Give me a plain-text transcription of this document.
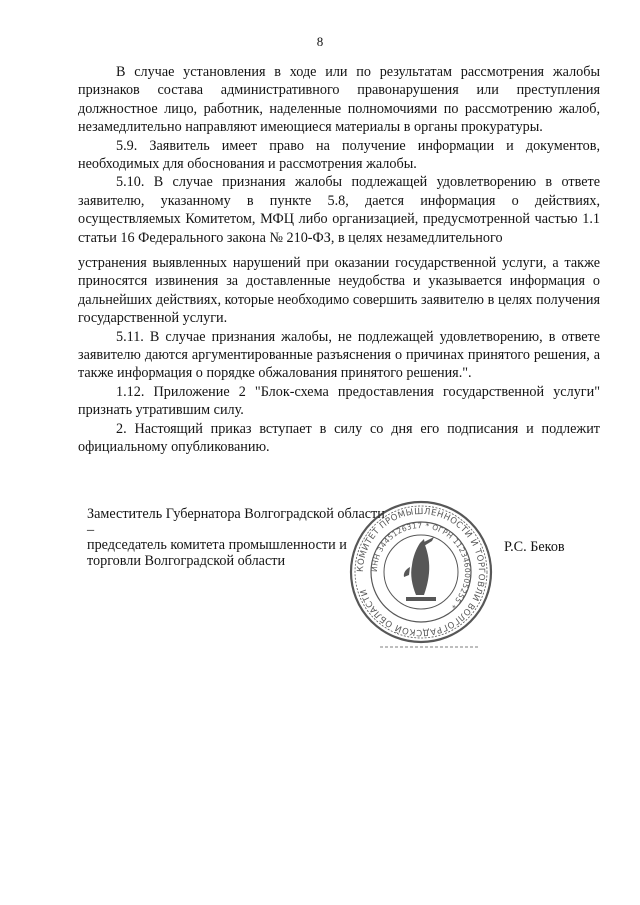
8

В случае установления в ходе или по результатам рассмотрения жалобы признаков состава административного правонарушения или преступления должностное лицо, работник, наделенные полномочиями по рассмотрению жалоб, незамедлительно направляют имеющиеся материалы в органы прокуратуры.

5.9. Заявитель имеет право на получение информации и документов, необходимых для обоснования и рассмотрения жалобы.

5.10. В случае признания жалобы подлежащей удовлетворению в ответе заявителю, указанному в пункте 5.8, дается информация о действиях, осуществляемых Комитетом, МФЦ либо организацией, предусмотренной частью 1.1 статьи 16 Федерального закона № 210-ФЗ, в целях незамедлительного

устранения выявленных нарушений при оказании государственной услуги, а также приносятся извинения за доставленные неудобства и указывается информация о дальнейших действиях, которые необходимо совершить заявителю в целях получения государственной услуги.

5.11. В случае признания жалобы, не подлежащей удовлетворению, в ответе заявителю даются аргументированные разъяснения о причинах принятого решения, а также информация о порядке обжалования принятого решения.".

1.12. Приложение 2 "Блок-схема предоставления государственной услуги" признать утратившим силу.

2. Настоящий приказ вступает в силу со дня его подписания и подлежит официальному опубликованию.

Заместитель Губернатора Волгоградской области –
председатель комитета промышленности и
торговли Волгоградской области
Р.С. Беков
КОМИТЕТ ПРОМЫШЛЕННОСТИ И ТОРГОВЛИ ВОЛГОГРАДСКОЙ ОБЛАСТИ
ИНН 3445126317 * ОГРН 1123460005255 *
